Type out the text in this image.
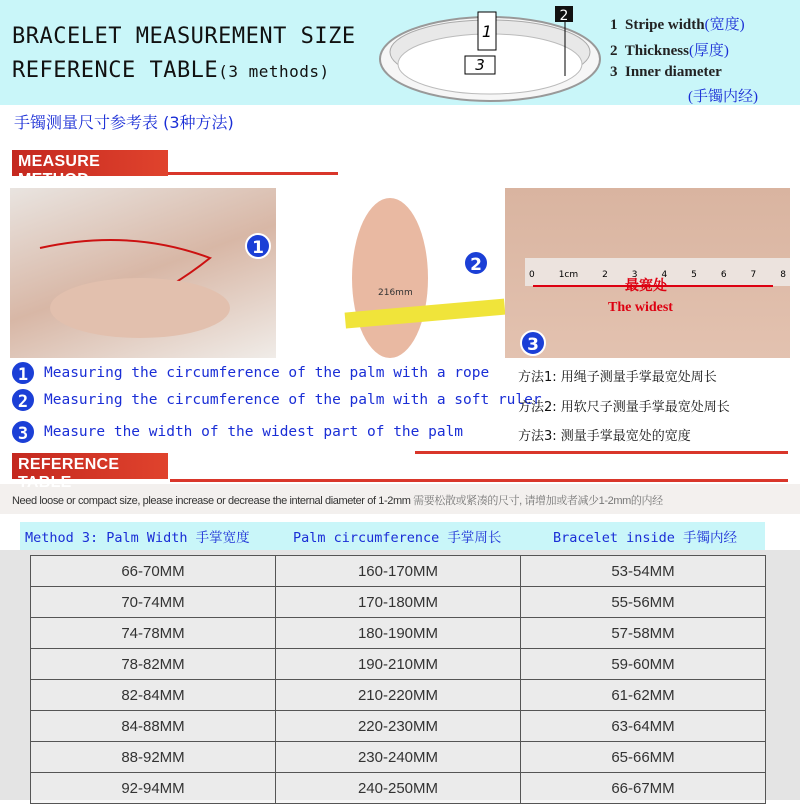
BRACELET MEASUREMENT SIZE
REFERENCE TABLE(3 methods)
1
3
2
1 Stripe width(宽度)
2 Thickness(厚度)
3 Inner diameter
(手镯内经)
手镯测量尺寸参考表 (3种方法)
MEASURE METHOD
1
216mm
2	0	1cm	2	3	4	5	6	7	8
最宽处
The widest
3
1	Measuring the circumference of the palm with a rope
2	Measuring the circumference of the palm with a soft ruler
3	Measure the width of the widest part of the palm
方法1: 用绳子测量手掌最宽处周长
方法2: 用软尺子测量手掌最宽处周长
方法3: 测量手掌最宽处的宽度
REFERENCE TABLE
Need loose or compact size, please increase or decrease the internal diameter of 1-2mm 需要松散或紧凑的尺寸, 请增加或者减少1-2mm的内经
Method 3: Palm Width 手掌宽度	Palm circumference 手掌周长	Bracelet inside 手镯内经
66-70MM	160-170MM	53-54MM
70-74MM	170-180MM	55-56MM
74-78MM	180-190MM	57-58MM
78-82MM	190-210MM	59-60MM
82-84MM	210-220MM	61-62MM
84-88MM	220-230MM	63-64MM
88-92MM	230-240MM	65-66MM
92-94MM	240-250MM	66-67MM
